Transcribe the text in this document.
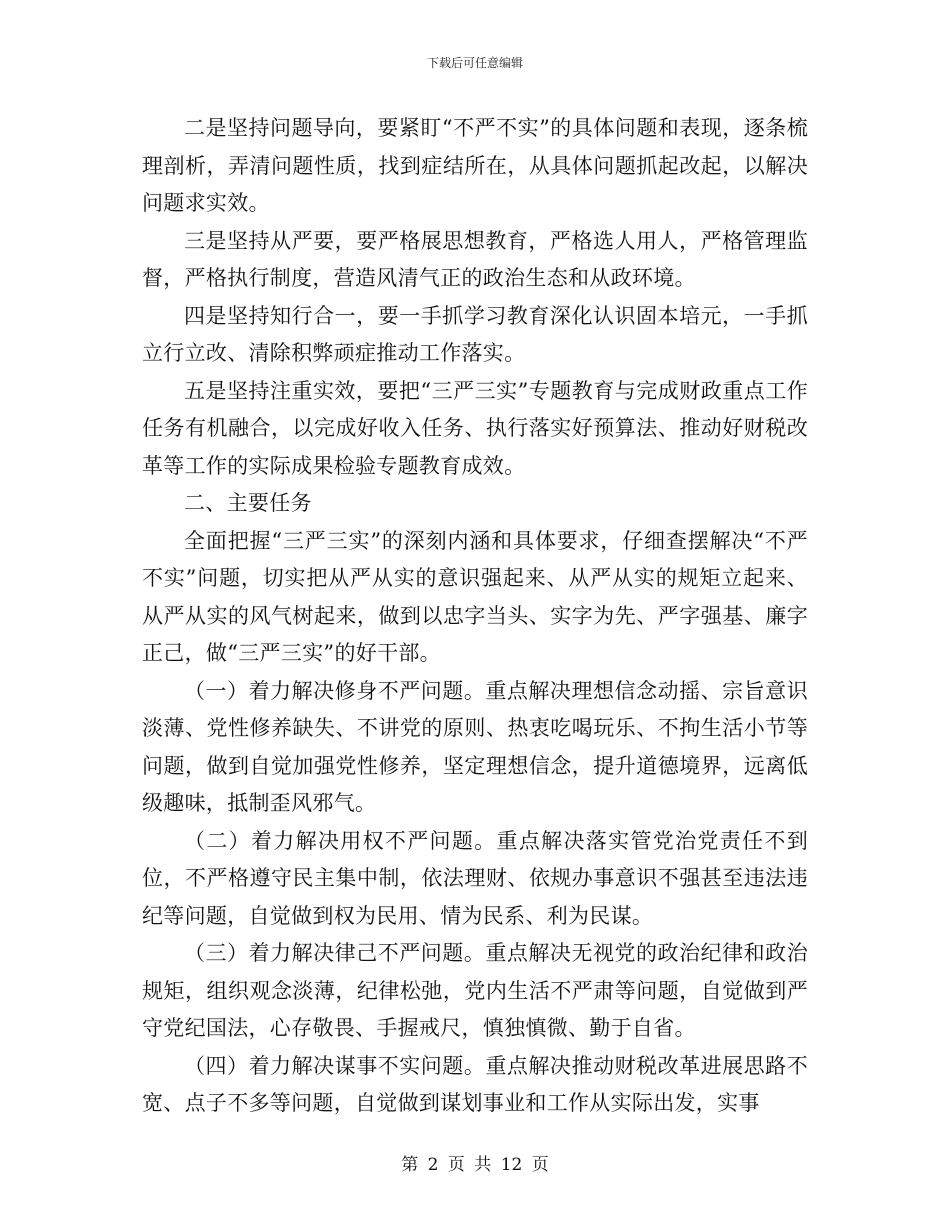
下载后可任意编辑

二是坚持问题导向，要紧盯“不严不实”的具体问题和表现，逐条梳理剖析，弄清问题性质，找到症结所在，从具体问题抓起改起，以解决问题求实效。

三是坚持从严要，要严格展思想教育，严格选人用人，严格管理监督，严格执行制度，营造风清气正的政治生态和从政环境。

四是坚持知行合一，要一手抓学习教育深化认识固本培元，一手抓立行立改、清除积弊顽症推动工作落实。

五是坚持注重实效，要把“三严三实”专题教育与完成财政重点工作任务有机融合，以完成好收入任务、执行落实好预算法、推动好财税改革等工作的实际成果检验专题教育成效。

二、主要任务

全面把握“三严三实”的深刻内涵和具体要求，仔细查摆解决“不严不实”问题，切实把从严从实的意识强起来、从严从实的规矩立起来、从严从实的风气树起来，做到以忠字当头、实字为先、严字强基、廉字正己，做“三严三实”的好干部。

（一）着力解决修身不严问题。重点解决理想信念动摇、宗旨意识淡薄、党性修养缺失、不讲党的原则、热衷吃喝玩乐、不拘生活小节等问题，做到自觉加强党性修养，坚定理想信念，提升道德境界，远离低级趣味，抵制歪风邪气。

（二）着力解决用权不严问题。重点解决落实管党治党责任不到位，不严格遵守民主集中制，依法理财、依规办事意识不强甚至违法违纪等问题，自觉做到权为民用、情为民系、利为民谋。

（三）着力解决律己不严问题。重点解决无视党的政治纪律和政治规矩，组织观念淡薄，纪律松弛，党内生活不严肃等问题，自觉做到严守党纪国法，心存敬畏、手握戒尺，慎独慎微、勤于自省。

（四）着力解决谋事不实问题。重点解决推动财税改革进展思路不宽、点子不多等问题，自觉做到谋划事业和工作从实际出发，实事

第 2 页 共 12 页
